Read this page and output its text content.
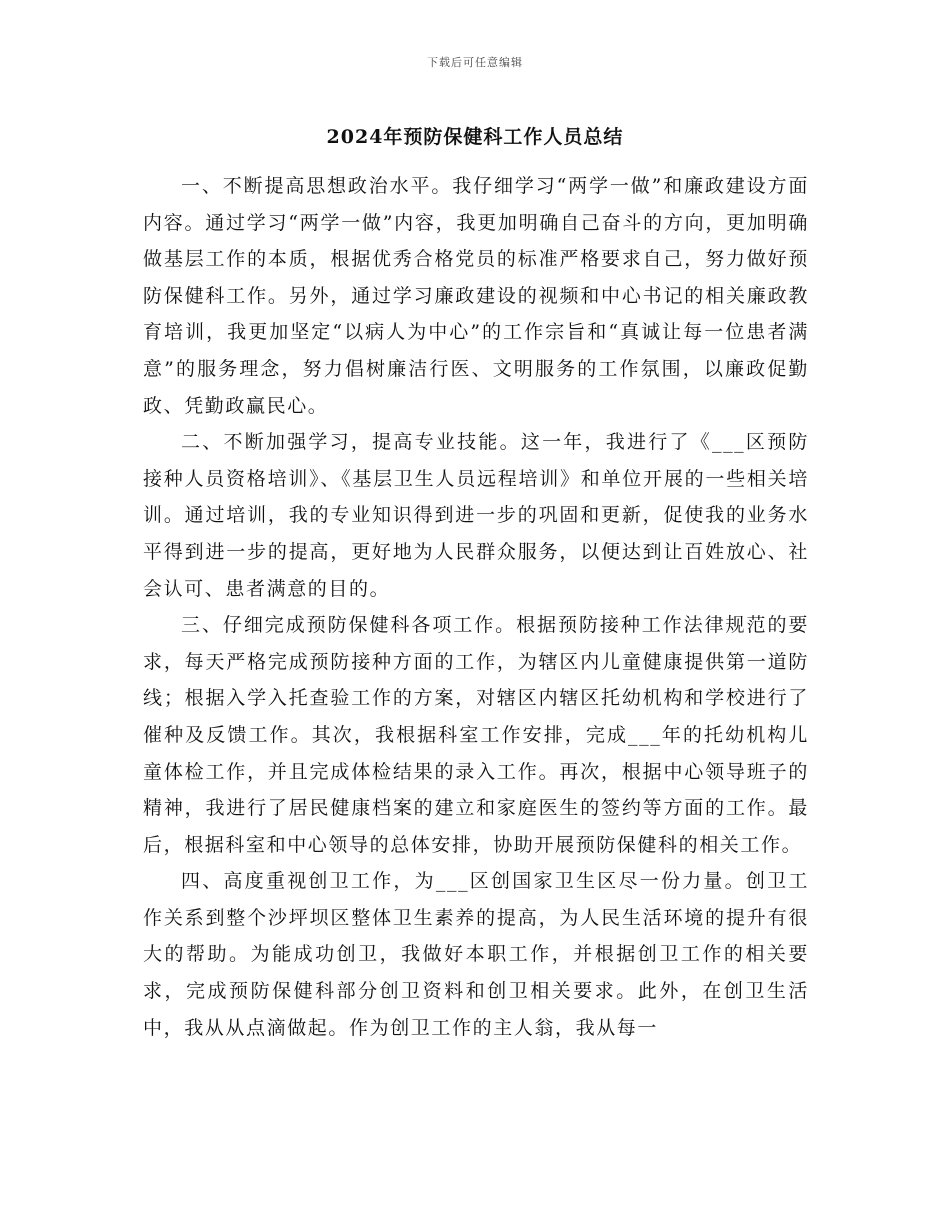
下载后可任意编辑
2024年预防保健科工作人员总结

一、不断提高思想政治水平。我仔细学习“两学一做”和廉政建设方面内容。通过学习“两学一做”内容，我更加明确自己奋斗的方向，更加明确做基层工作的本质，根据优秀合格党员的标准严格要求自己，努力做好预防保健科工作。另外，通过学习廉政建设的视频和中心书记的相关廉政教育培训，我更加坚定“以病人为中心”的工作宗旨和“真诚让每一位患者满意”的服务理念，努力倡树廉洁行医、文明服务的工作氛围，以廉政促勤政、凭勤政赢民心。

二、不断加强学习，提高专业技能。这一年，我进行了《___区预防接种人员资格培训》、《基层卫生人员远程培训》和单位开展的一些相关培训。通过培训，我的专业知识得到进一步的巩固和更新，促使我的业务水平得到进一步的提高，更好地为人民群众服务，以便达到让百姓放心、社会认可、患者满意的目的。

三、仔细完成预防保健科各项工作。根据预防接种工作法律规范的要求，每天严格完成预防接种方面的工作，为辖区内儿童健康提供第一道防线；根据入学入托查验工作的方案，对辖区内辖区托幼机构和学校进行了催种及反馈工作。其次，我根据科室工作安排，完成___年的托幼机构儿童体检工作，并且完成体检结果的录入工作。再次，根据中心领导班子的精神，我进行了居民健康档案的建立和家庭医生的签约等方面的工作。最后，根据科室和中心领导的总体安排，协助开展预防保健科的相关工作。

四、高度重视创卫工作，为___区创国家卫生区尽一份力量。创卫工作关系到整个沙坪坝区整体卫生素养的提高，为人民生活环境的提升有很大的帮助。为能成功创卫，我做好本职工作，并根据创卫工作的相关要求，完成预防保健科部分创卫资料和创卫相关要求。此外，在创卫生活中，我从从点滴做起。作为创卫工作的主人翁，我从每一
